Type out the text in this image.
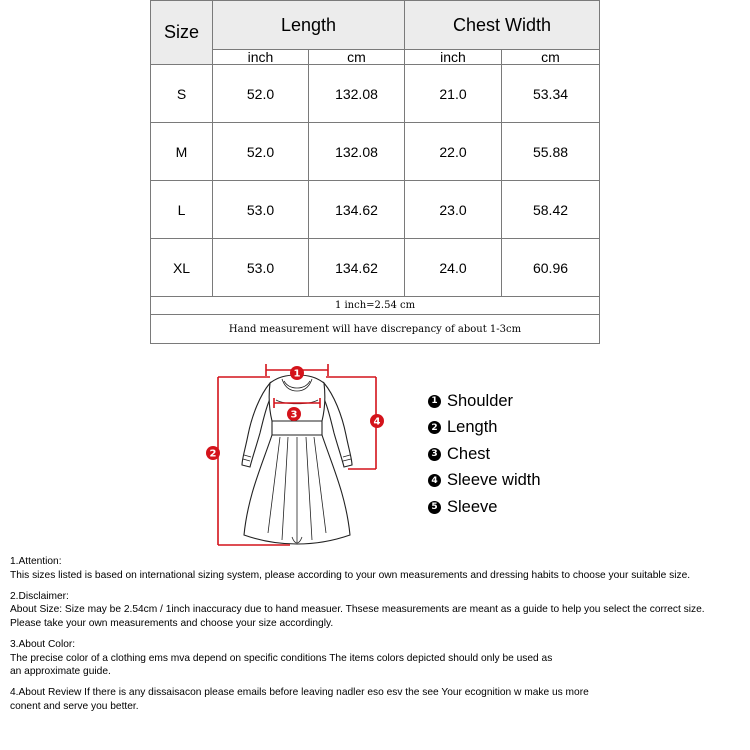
Size	Length		Chest Width	
	inch	cm	inch	cm
S	52.0	132.08	21.0	53.34
M	52.0	132.08	22.0	55.88
L	53.0	134.62	23.0	58.42
XL	53.0	134.62	24.0	60.96
1 inch=2.54 cm				
Hand measurement will have discrepancy of about 1-3cm				
1
3
2
4
1 Shoulder
2 Length
3 Chest
4 Sleeve width
5 Sleeve
1.Attention:
This sizes listed is based on international sizing system, please according to your own measurements and dressing habits to choose your suitable size.
2.Disclaimer:
About Size: Size may be 2.54cm / 1inch inaccuracy due to hand measuer. Thsese measurements are meant as a guide to help you select the correct size.
Please take your own measurements and choose your size accordingly.
3.About Color:
The precise color of a clothing ems mva depend on specific conditions The items colors depicted should only be used as
an approximate guide.
4.About Review If there is any dissaisacon please emails before leaving nadler eso esv the see Your ecognition w make us more
conent and serve you better.
